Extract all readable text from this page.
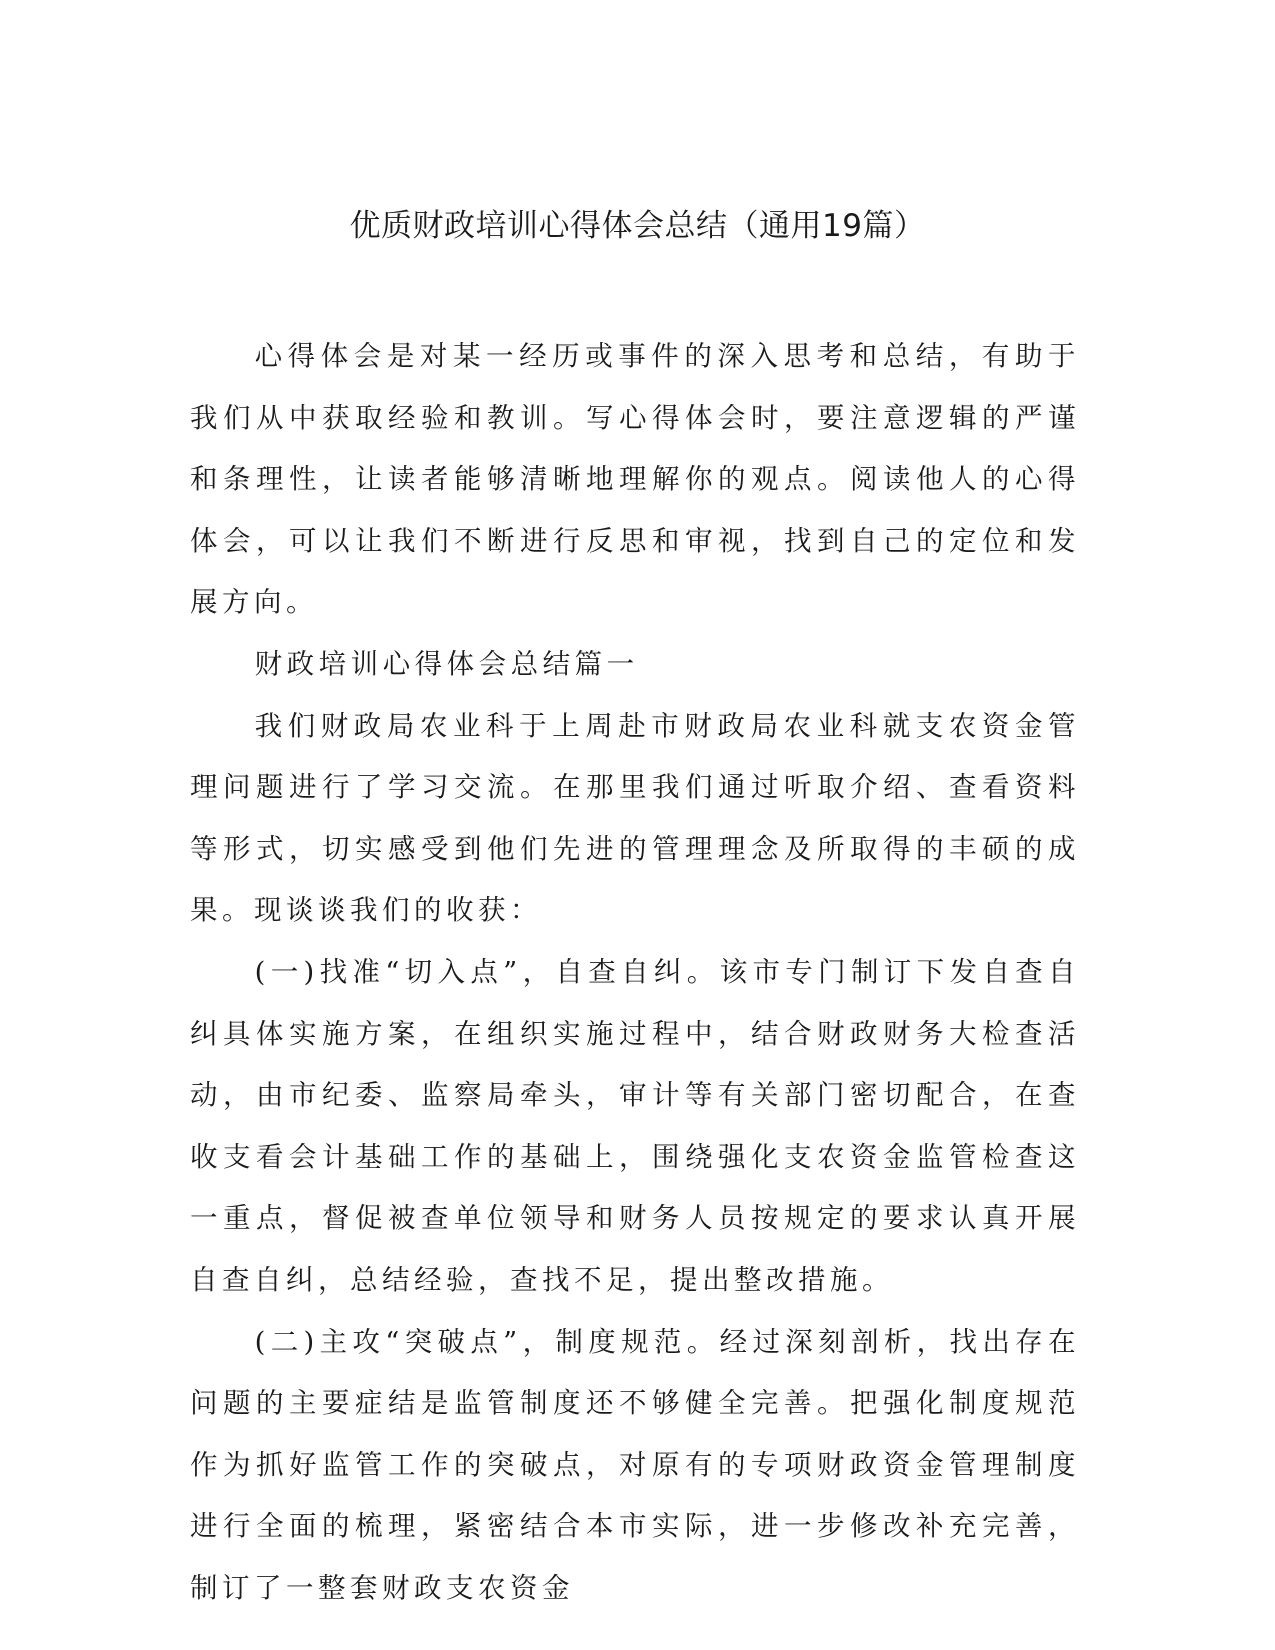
优质财政培训心得体会总结（通用19篇）

心得体会是对某一经历或事件的深入思考和总结，有助于我们从中获取经验和教训。写心得体会时，要注意逻辑的严谨和条理性，让读者能够清晰地理解你的观点。阅读他人的心得体会，可以让我们不断进行反思和审视，找到自己的定位和发展方向。

财政培训心得体会总结篇一

我们财政局农业科于上周赴市财政局农业科就支农资金管理问题进行了学习交流。在那里我们通过听取介绍、查看资料等形式，切实感受到他们先进的管理理念及所取得的丰硕的成果。现谈谈我们的收获：

(一)找准“切入点”，自查自纠。该市专门制订下发自查自纠具体实施方案，在组织实施过程中，结合财政财务大检查活动，由市纪委、监察局牵头，审计等有关部门密切配合，在查收支看会计基础工作的基础上，围绕强化支农资金监管检查这一重点，督促被查单位领导和财务人员按规定的要求认真开展自查自纠，总结经验，查找不足，提出整改措施。

(二)主攻“突破点”，制度规范。经过深刻剖析，找出存在问题的主要症结是监管制度还不够健全完善。把强化制度规范作为抓好监管工作的突破点，对原有的专项财政资金管理制度进行全面的梳理，紧密结合本市实际，进一步修改补充完善，制订了一整套财政支农资金
